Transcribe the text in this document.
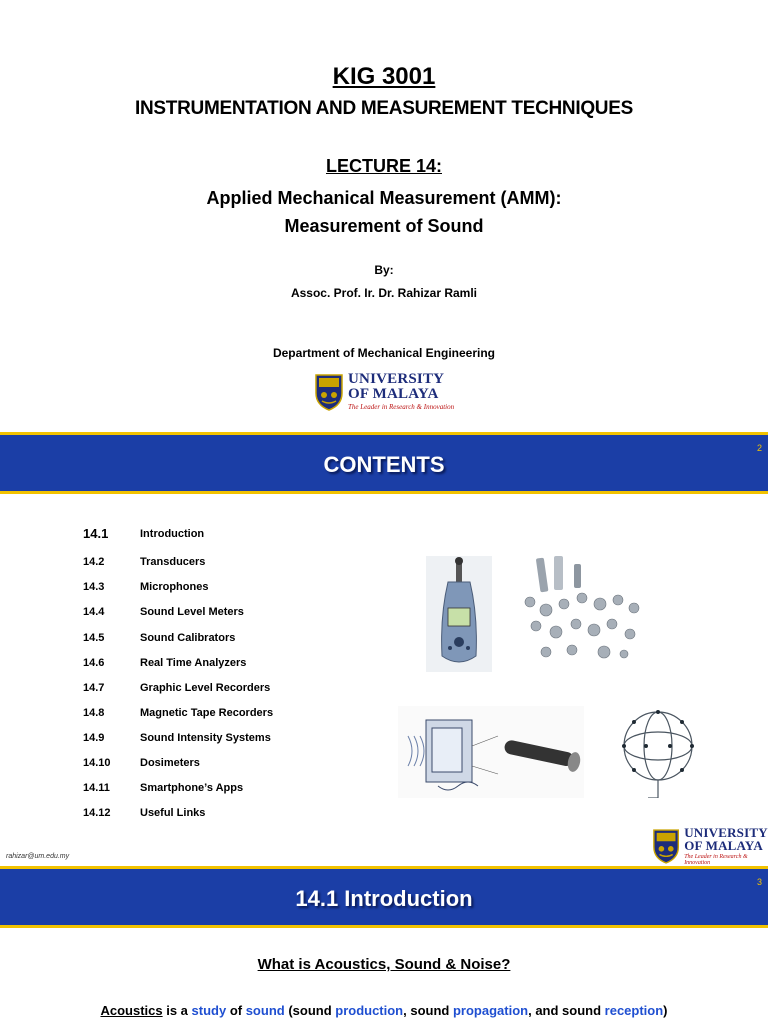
KIG 3001
INSTRUMENTATION AND MEASUREMENT TECHNIQUES
LECTURE 14:
Applied Mechanical Measurement (AMM):
Measurement of Sound
By:
Assoc. Prof. Ir. Dr. Rahizar Ramli
Department of Mechanical Engineering
UNIVERSITY
OF MALAYA
The Leader in Research & Innovation
CONTENTS
2
14.1	Introduction
14.2	Transducers
14.3	Microphones
14.4	Sound Level Meters
14.5	Sound Calibrators
14.6	Real Time Analyzers
14.7	Graphic Level Recorders
14.8	Magnetic Tape Recorders
14.9	Sound Intensity Systems
14.10	Dosimeters
14.11	Smartphone’s Apps
14.12	Useful Links
UNIVERSITY
OF MALAYA
The Leader in Research & Innovation
rahizar@um.edu.my
14.1 Introduction
3
What is Acoustics, Sound & Noise?
Acoustics is a study of sound (sound production, sound propagation, and sound reception)
